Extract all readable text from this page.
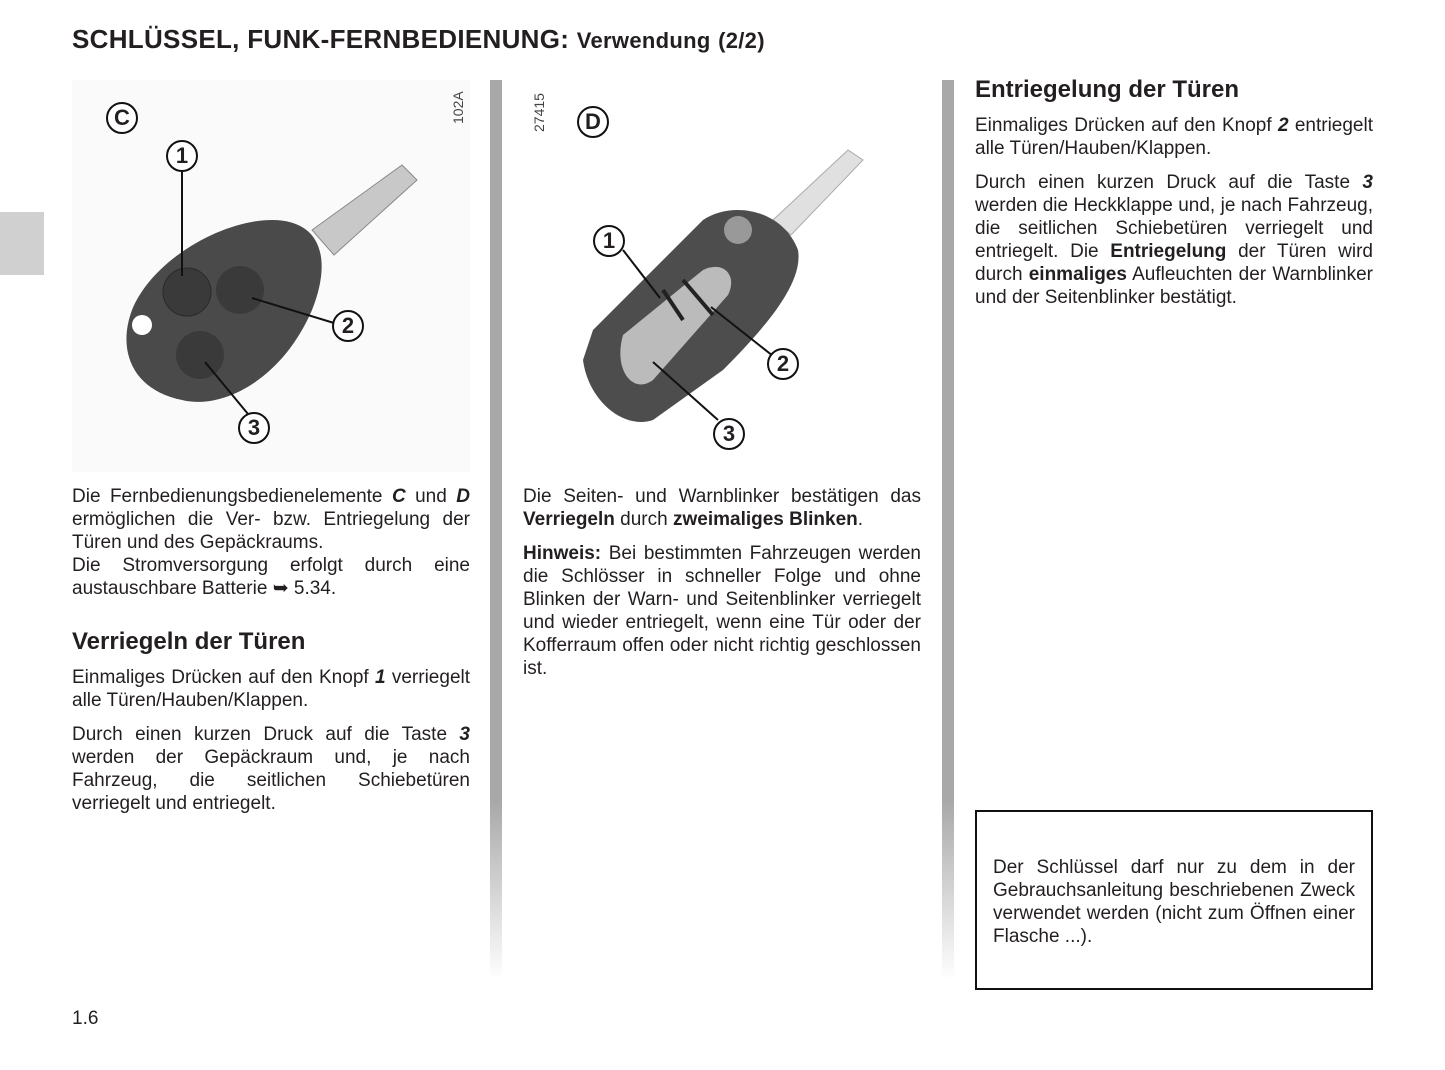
SCHLÜSSEL, FUNK-FERNBEDIENUNG: Verwendung (2/2)
C
1
2
3
102A	D
1
2
3
27415

Die Fernbedienungsbedienelemente C und D ermöglichen die Ver- bzw. Entriegelung der Türen und des Gepäckraums.
Die Stromversorgung erfolgt durch eine austauschbare Batterie ➥ 5.34.

Verriegeln der Türen

Einmaliges Drücken auf den Knopf 1 verriegelt alle Türen/Hauben/Klappen.

Durch einen kurzen Druck auf die Taste 3 werden der Gepäckraum und, je nach Fahrzeug, die seitlichen Schiebetüren verriegelt und entriegelt.

Die Seiten- und Warnblinker bestätigen das Verriegeln durch zweimaliges Blinken.

Hinweis: Bei bestimmten Fahrzeugen werden die Schlösser in schneller Folge und ohne Blinken der Warn- und Seitenblinker verriegelt und wieder entriegelt, wenn eine Tür oder der Kofferraum offen oder nicht richtig geschlossen ist.

Entriegelung der Türen

Einmaliges Drücken auf den Knopf 2 entriegelt alle Türen/Hauben/Klappen.

Durch einen kurzen Druck auf die Taste 3 werden die Heckklappe und, je nach Fahrzeug, die seitlichen Schiebetüren verriegelt und entriegelt. Die Entriegelung der Türen wird durch einmaliges Aufleuchten der Warnblinker und der Seitenblinker bestätigt.

Der Schlüssel darf nur zu dem in der Gebrauchsanleitung beschriebenen Zweck verwendet werden (nicht zum Öffnen einer Flasche ...).
1.6
